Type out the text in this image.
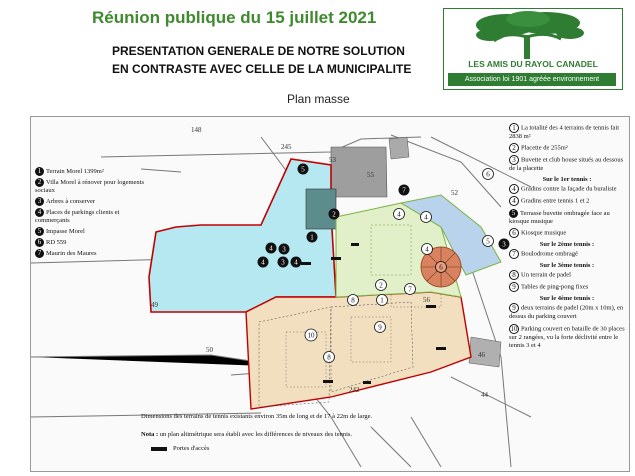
Réunion publique du 15 juillet 2021
PRESENTATION GENERALE DE NOTRE SOLUTION
EN CONTRASTE AVEC CELLE DE LA MUNICIPALITE
Plan masse
LES AMIS DU RAYOL CANADEL
Association loi 1901 agréée environnement
148
245
53
55
52
49
50
242
56
46
44
1
2
3
3
4
4
4
5
7
3
6
4	4
4
5
6
7
8
8
9
10
1
2
1 Terrain Morel 1399m²
2 Villa Morel à rénover pour logements sociaux
3 Arbres à conserver
4 Places de parkings clients et commerçants
5 Impasse Morel
6 RD 559
7 Maurin des Maures
1 La totalité des 4 terrains de tennis fait 2838 m²
2 Placette de 255m²
3 Buvette et club house situés au dessous de la placette
Sur le 1er tennis :
4 Gradins contre la façade du buraliste
4 Gradins entre tennis 1 et 2
5 Terrasse buvette ombragée face au kiosque musique
6 Kiosque musique
Sur le 2ème tennis :
7 Boulodrome ombragé
Sur le 3ème tennis :
8 Un terrain de padel
9 Tables de ping-pong fixes
Sur le 4ème tennis :
9 deux terrains de padel (20m x 10m), en dessus du parking couvert
10 Parking couvert en bataille de 30 places sur 2 rangées, vu la forte déclivité entre le tennis 3 et 4
Dimensions des terrains de tennis existants environ 35m de long et de 17 à 22m de large.
Nota : un plan altimétrique sera établi avec les différences de niveaux des tennis.
Portes d'accès
